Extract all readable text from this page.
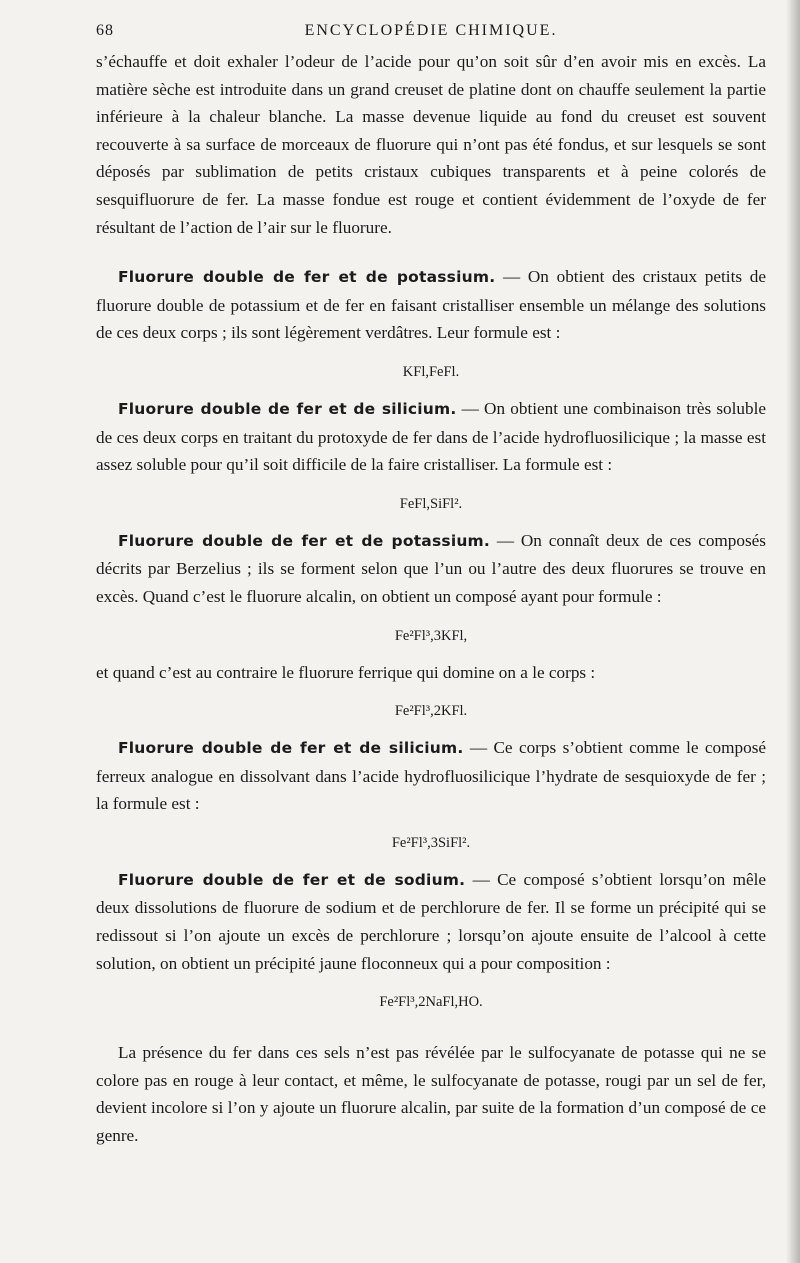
68	ENCYCLOPÉDIE CHIMIQUE.

s’échauffe et doit exhaler l’odeur de l’acide pour qu’on soit sûr d’en avoir mis en excès. La matière sèche est introduite dans un grand creuset de platine dont on chauffe seulement la partie inférieure à la chaleur blanche. La masse devenue liquide au fond du creuset est souvent recouverte à sa surface de morceaux de fluorure qui n’ont pas été fondus, et sur lesquels se sont déposés par sublimation de petits cristaux cubiques transparents et à peine colorés de sesquifluorure de fer. La masse fondue est rouge et contient évidemment de l’oxyde de fer résultant de l’action de l’air sur le fluorure.

Fluorure double de fer et de potassium. — On obtient des cristaux petits de fluorure double de potassium et de fer en faisant cristalliser ensemble un mélange des solutions de ces deux corps ; ils sont légèrement verdâtres. Leur formule est :

KFl,FeFl.

Fluorure double de fer et de silicium. — On obtient une combinaison très soluble de ces deux corps en traitant du protoxyde de fer dans de l’acide hydrofluosilicique ; la masse est assez soluble pour qu’il soit difficile de la faire cristalliser. La formule est :

FeFl,SiFl².

Fluorure double de fer et de potassium. — On connaît deux de ces composés décrits par Berzelius ; ils se forment selon que l’un ou l’autre des deux fluorures se trouve en excès. Quand c’est le fluorure alcalin, on obtient un composé ayant pour formule :

Fe²Fl³,3KFl,

et quand c’est au contraire le fluorure ferrique qui domine on a le corps :

Fe²Fl³,2KFl.

Fluorure double de fer et de silicium. — Ce corps s’obtient comme le composé ferreux analogue en dissolvant dans l’acide hydrofluosilicique l’hydrate de sesquioxyde de fer ; la formule est :

Fe²Fl³,3SiFl².

Fluorure double de fer et de sodium. — Ce composé s’obtient lorsqu’on mêle deux dissolutions de fluorure de sodium et de perchlorure de fer. Il se forme un précipité qui se redissout si l’on ajoute un excès de perchlorure ; lorsqu’on ajoute ensuite de l’alcool à cette solution, on obtient un précipité jaune floconneux qui a pour composition :

Fe²Fl³,2NaFl,HO.

La présence du fer dans ces sels n’est pas révélée par le sulfocyanate de potasse qui ne se colore pas en rouge à leur contact, et même, le sulfocyanate de potasse, rougi par un sel de fer, devient incolore si l’on y ajoute un fluorure alcalin, par suite de la formation d’un composé de ce genre.
